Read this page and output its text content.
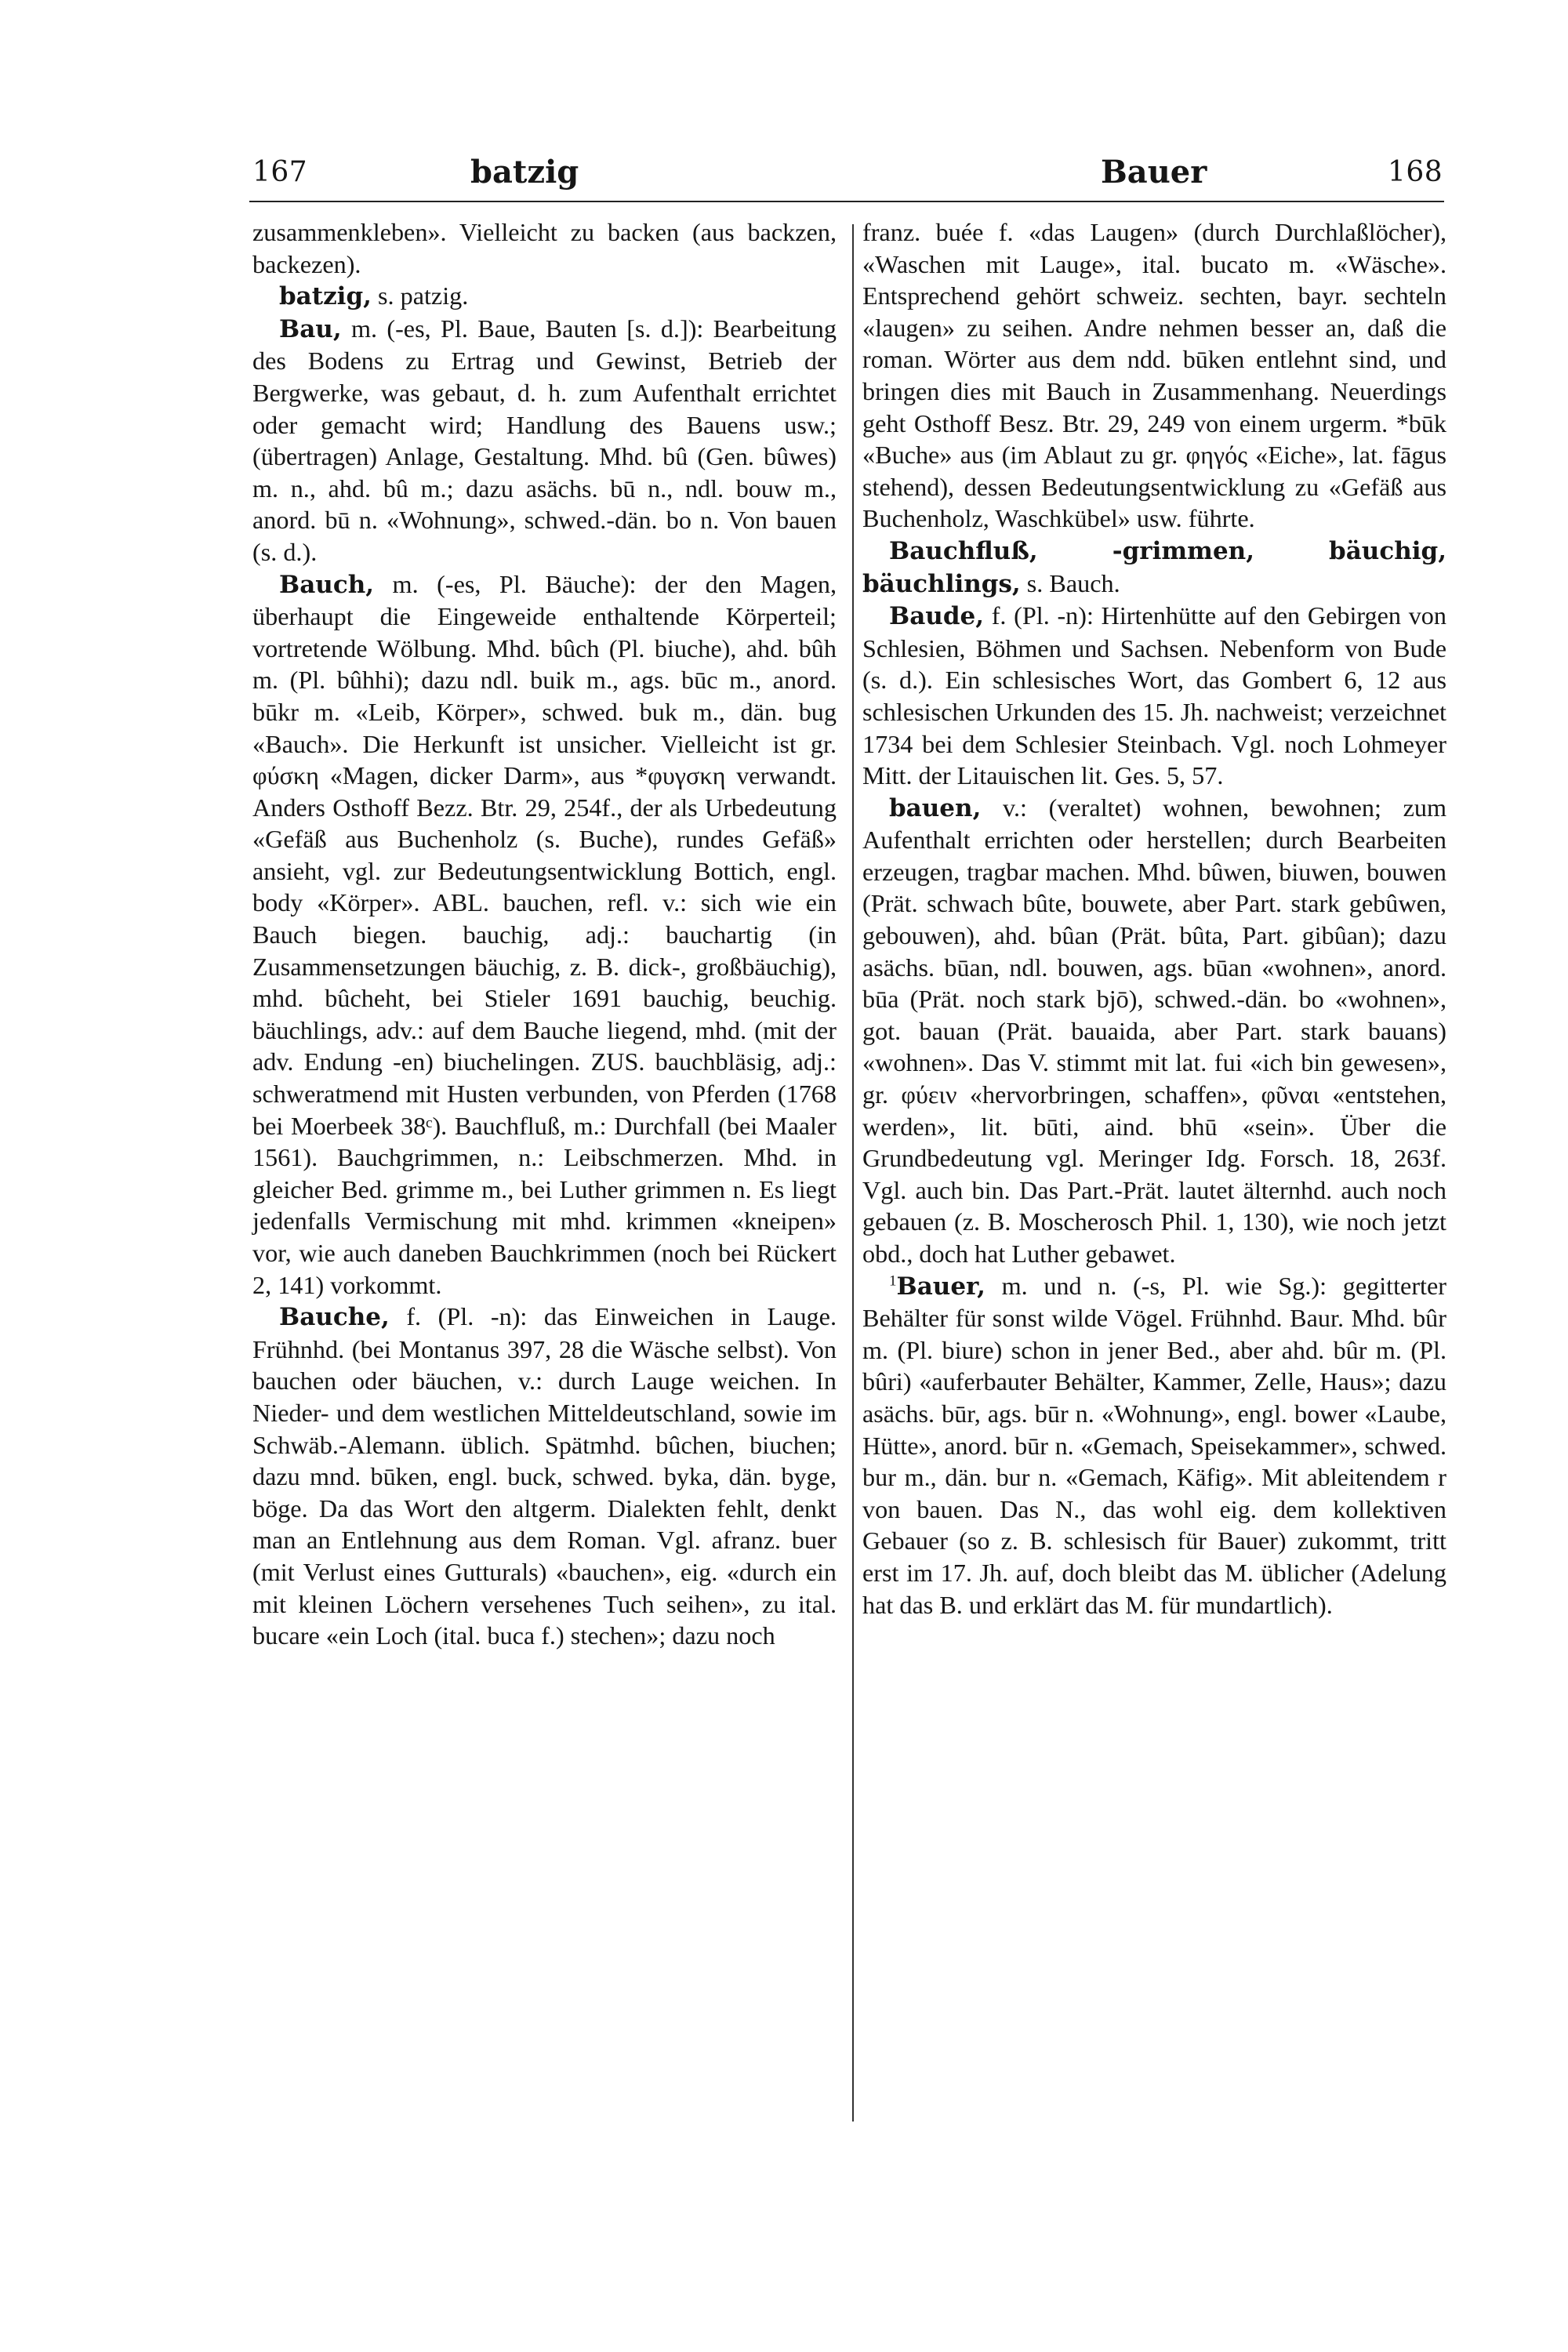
167	batzig	Bauer	168

zusammenkleben». Vielleicht zu backen (aus backzen, backezen).

batzig, s. patzig.

Bau, m. (-es, Pl. Baue, Bauten [s. d.]): Bearbeitung des Bodens zu Ertrag und Gewinst, Betrieb der Bergwerke, was gebaut, d. h. zum Aufenthalt errichtet oder gemacht wird; Handlung des Bauens usw.; (übertragen) Anlage, Gestaltung. Mhd. bû (Gen. bûwes) m. n., ahd. bû m.; dazu asächs. bū n., ndl. bouw m., anord. bū n. «Wohnung», schwed.-dän. bo n. Von bauen (s. d.).

Bauch, m. (-es, Pl. Bäuche): der den Magen, überhaupt die Eingeweide enthaltende Körperteil; vortretende Wölbung. Mhd. bûch (Pl. biuche), ahd. bûh m. (Pl. bûhhi); dazu ndl. buik m., ags. būc m., anord. būkr m. «Leib, Körper», schwed. buk m., dän. bug «Bauch». Die Herkunft ist unsicher. Vielleicht ist gr. φύσκη «Magen, dicker Darm», aus *φυγσκη verwandt. Anders Osthoff Bezz. Btr. 29, 254f., der als Urbedeutung «Gefäß aus Buchenholz (s. Buche), rundes Gefäß» ansieht, vgl. zur Bedeutungsentwicklung Bottich, engl. body «Körper». ABL. bauchen, refl. v.: sich wie ein Bauch biegen. bauchig, adj.: bauchartig (in Zusammensetzungen bäuchig, z. B. dick-, großbäuchig), mhd. bûcheht, bei Stieler 1691 bauchig, beuchig. bäuchlings, adv.: auf dem Bauche liegend, mhd. (mit der adv. Endung -en) biuchelingen. ZUS. bauchbläsig, adj.: schweratmend mit Husten verbunden, von Pferden (1768 bei Moerbeek 38ᶜ). Bauchfluß, m.: Durchfall (bei Maaler 1561). Bauchgrimmen, n.: Leibschmerzen. Mhd. in gleicher Bed. grimme m., bei Luther grimmen n. Es liegt jedenfalls Vermischung mit mhd. krimmen «kneipen» vor, wie auch daneben Bauchkrimmen (noch bei Rückert 2, 141) vorkommt.

Bauche, f. (Pl. -n): das Einweichen in Lauge. Frühnhd. (bei Montanus 397, 28 die Wäsche selbst). Von bauchen oder bäuchen, v.: durch Lauge weichen. In Nieder- und dem westlichen Mitteldeutschland, sowie im Schwäb.-Alemann. üblich. Spätmhd. bûchen, biuchen; dazu mnd. būken, engl. buck, schwed. byka, dän. byge, böge. Da das Wort den altgerm. Dialekten fehlt, denkt man an Entlehnung aus dem Roman. Vgl. afranz. buer (mit Verlust eines Gutturals) «bauchen», eig. «durch ein mit kleinen Löchern versehenes Tuch seihen», zu ital. bucare «ein Loch (ital. buca f.) stechen»; dazu noch

franz. buée f. «das Laugen» (durch Durchlaßlöcher), «Waschen mit Lauge», ital. bucato m. «Wäsche». Entsprechend gehört schweiz. sechten, bayr. sechteln «laugen» zu seihen. Andre nehmen besser an, daß die roman. Wörter aus dem ndd. būken entlehnt sind, und bringen dies mit Bauch in Zusammenhang. Neuerdings geht Osthoff Besz. Btr. 29, 249 von einem urgerm. *būk «Buche» aus (im Ablaut zu gr. φηγός «Eiche», lat. fāgus stehend), dessen Bedeutungsentwicklung zu «Gefäß aus Buchenholz, Waschkübel» usw. führte.

Bauchfluß, -grimmen, bäuchig, bäuchlings, s. Bauch.

Baude, f. (Pl. -n): Hirtenhütte auf den Gebirgen von Schlesien, Böhmen und Sachsen. Nebenform von Bude (s. d.). Ein schlesisches Wort, das Gombert 6, 12 aus schlesischen Urkunden des 15. Jh. nachweist; verzeichnet 1734 bei dem Schlesier Steinbach. Vgl. noch Lohmeyer Mitt. der Litauischen lit. Ges. 5, 57.

bauen, v.: (veraltet) wohnen, bewohnen; zum Aufenthalt errichten oder herstellen; durch Bearbeiten erzeugen, tragbar machen. Mhd. bûwen, biuwen, bouwen (Prät. schwach bûte, bouwete, aber Part. stark gebûwen, gebouwen), ahd. bûan (Prät. bûta, Part. gibûan); dazu asächs. būan, ndl. bouwen, ags. būan «wohnen», anord. būa (Prät. noch stark bjō), schwed.-dän. bo «wohnen», got. bauan (Prät. bauaida, aber Part. stark bauans) «wohnen». Das V. stimmt mit lat. fui «ich bin gewesen», gr. φύειν «hervorbringen, schaffen», φῦναι «entstehen, werden», lit. būti, aind. bhū «sein». Über die Grundbedeutung vgl. Meringer Idg. Forsch. 18, 263f. Vgl. auch bin. Das Part.-Prät. lautet älternhd. auch noch gebauen (z. B. Moscherosch Phil. 1, 130), wie noch jetzt obd., doch hat Luther gebawet.

$^1$Bauer, m. und n. (-s, Pl. wie Sg.): gegitterter Behälter für sonst wilde Vögel. Frühnhd. Baur. Mhd. bûr m. (Pl. biure) schon in jener Bed., aber ahd. bûr m. (Pl. bûri) «auferbauter Behälter, Kammer, Zelle, Haus»; dazu asächs. būr, ags. būr n. «Wohnung», engl. bower «Laube, Hütte», anord. būr n. «Gemach, Speisekammer», schwed. bur m., dän. bur n. «Gemach, Käfig». Mit ableitendem r von bauen. Das N., das wohl eig. dem kollektiven Gebauer (so z. B. schlesisch für Bauer) zukommt, tritt erst im 17. Jh. auf, doch bleibt das M. üblicher (Adelung hat das B. und erklärt das M. für mundartlich).
